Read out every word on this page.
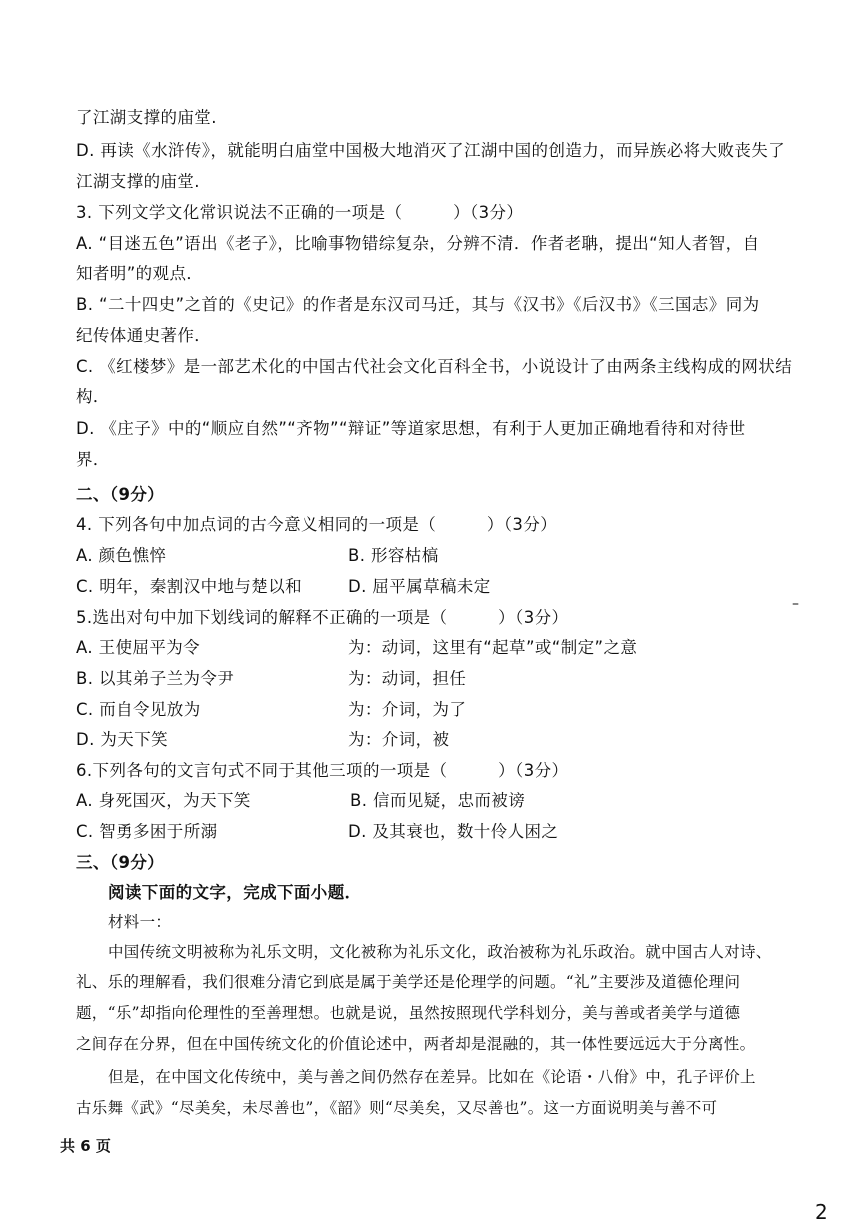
了江湖支撑的庙堂.
D. 再读《水浒传》，就能明白庙堂中国极大地消灭了江湖中国的创造力，而异族必将大败丧失了
江湖支撑的庙堂.
3. 下列文学文化常识说法不正确的一项是（　　　）（3分）
A. “目迷五色”语出《老子》，比喻事物错综复杂，分辨不清．作者老聃，提出“知人者智，自
知者明”的观点．
B. “二十四史”之首的《史记》的作者是东汉司马迁，其与《汉书》《后汉书》《三国志》同为
纪传体通史著作．
C. 《红楼梦》是一部艺术化的中国古代社会文化百科全书，小说设计了由两条主线构成的网状结
构．
D. 《庄子》中的“顺应自然”“齐物”“辩证”等道家思想，有利于人更加正确地看待和对待世
界．
二、（9分）
4. 下列各句中加点词的古今意义相同的一项是（　　　）（3分）
A. 颜色憔悴	B. 形容枯槁
C. 明年，秦割汉中地与楚以和	D. 屈平属草稿未定
5.选出对句中加下划线词的解释不正确的一项是（　　　）（3分）
–
A. 王使屈平为令	为：动词，这里有“起草”或“制定”之意
B. 以其弟子兰为令尹	为：动词，担任
C. 而自令见放为	为：介词，为了
D. 为天下笑	为：介词，被
6.下列各句的文言句式不同于其他三项的一项是（　　　）（3分）
A. 身死国灭，为天下笑	B. 信而见疑，忠而被谤
C. 智勇多困于所溺	D. 及其衰也，数十伶人困之
三、（9分）
阅读下面的文字，完成下面小题．
材料一：
中国传统文明被称为礼乐文明，文化被称为礼乐文化，政治被称为礼乐政治。就中国古人对诗、
礼、乐的理解看，我们很难分清它到底是属于美学还是伦理学的问题。“礼”主要涉及道德伦理问
题，“乐”却指向伦理性的至善理想。也就是说，虽然按照现代学科划分，美与善或者美学与道德
之间存在分界，但在中国传统文化的价值论述中，两者却是混融的，其一体性要远远大于分离性。
但是，在中国文化传统中，美与善之间仍然存在差异。比如在《论语・八佾》中，孔子评价上
古乐舞《武》“尽美矣，未尽善也”，《韶》则“尽美矣，又尽善也”。这一方面说明美与善不可
共 6 页
2
